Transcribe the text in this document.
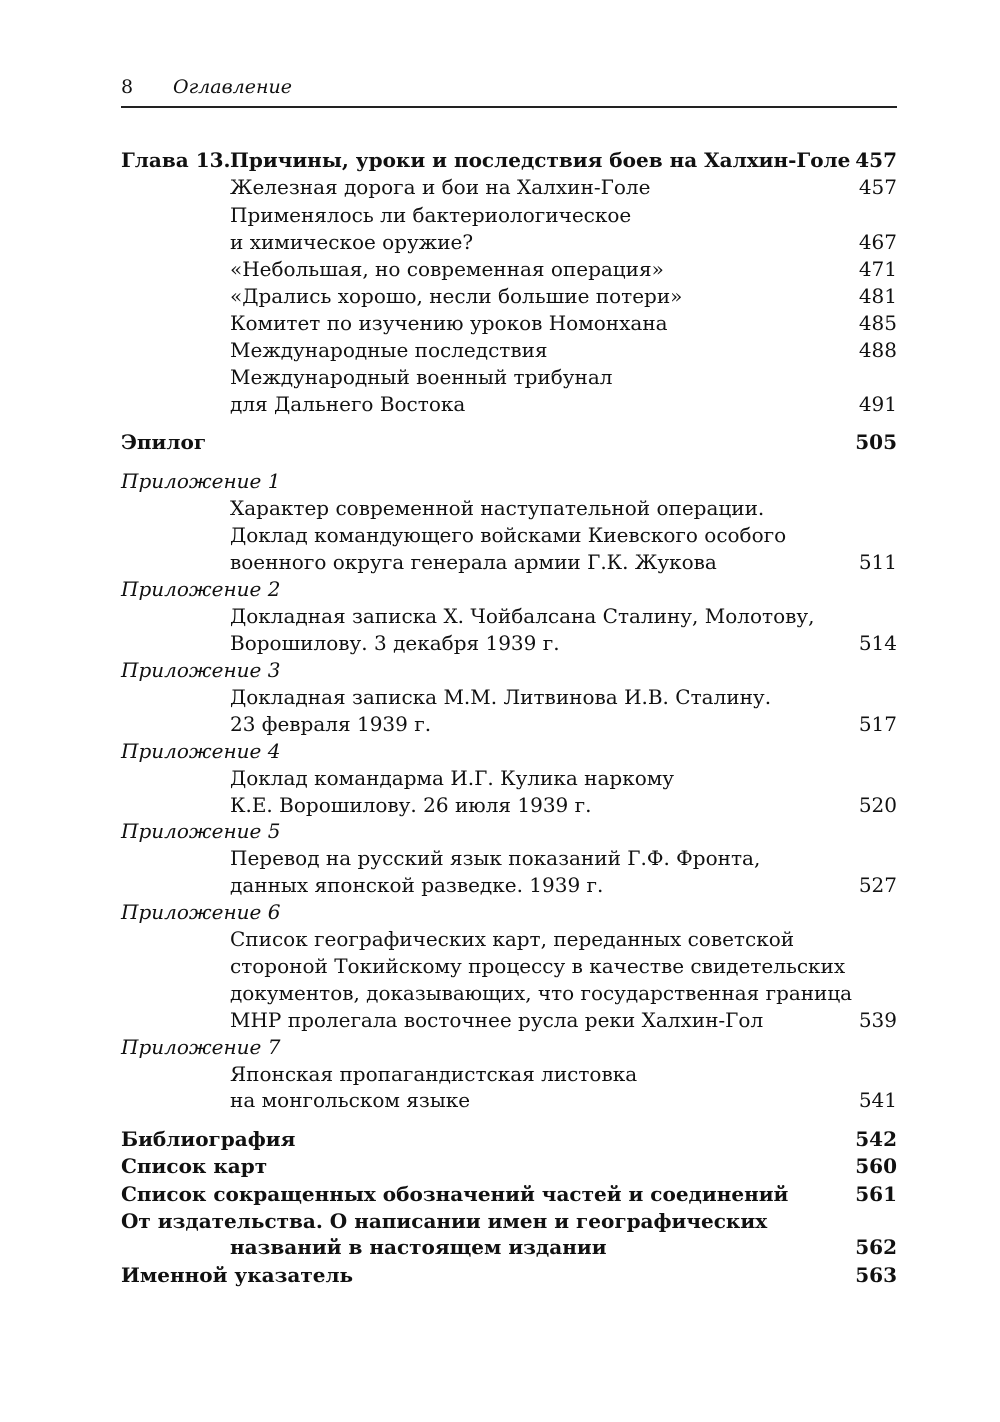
8 Оглавление
Глава 13. Причины, уроки и последствия боев на Халхин-Голе 457
Железная дорога и бои на Халхин-Голе	457
Применялось ли бактериологическое
и химическое оружие?	467
«Небольшая, но современная операция»	471
«Дрались хорошо, несли большие потери»	481
Комитет по изучению уроков Номонхана	485
Международные последствия	488
Международный военный трибунал
для Дальнего Востока	491
Эпилог	505
Приложение 1
Характер современной наступательной операции.
Доклад командующего войсками Киевского особого
военного округа генерала армии Г.К. Жукова	511
Приложение 2
Докладная записка Х. Чойбалсана Сталину, Молотову,
Ворошилову. 3 декабря 1939 г.	514
Приложение 3
Докладная записка М.М. Литвинова И.В. Сталину.
23 февраля 1939 г.	517
Приложение 4
Доклад командарма И.Г. Кулика наркому
К.Е. Ворошилову. 26 июля 1939 г.	520
Приложение 5
Перевод на русский язык показаний Г.Ф. Фронта,
данных японской разведке. 1939 г.	527
Приложение 6
Список географических карт, переданных советской
стороной Токийскому процессу в качестве свидетельских
документов, доказывающих, что государственная граница
МНР пролегала восточнее русла реки Халхин-Гол	539
Приложение 7
Японская пропагандистская листовка
на монгольском языке	541
Библиография	542
Список карт	560
Список сокращенных обозначений частей и соединений	561
От издательства. О написании имен и географических
названий в настоящем издании	562
Именной указатель	563
